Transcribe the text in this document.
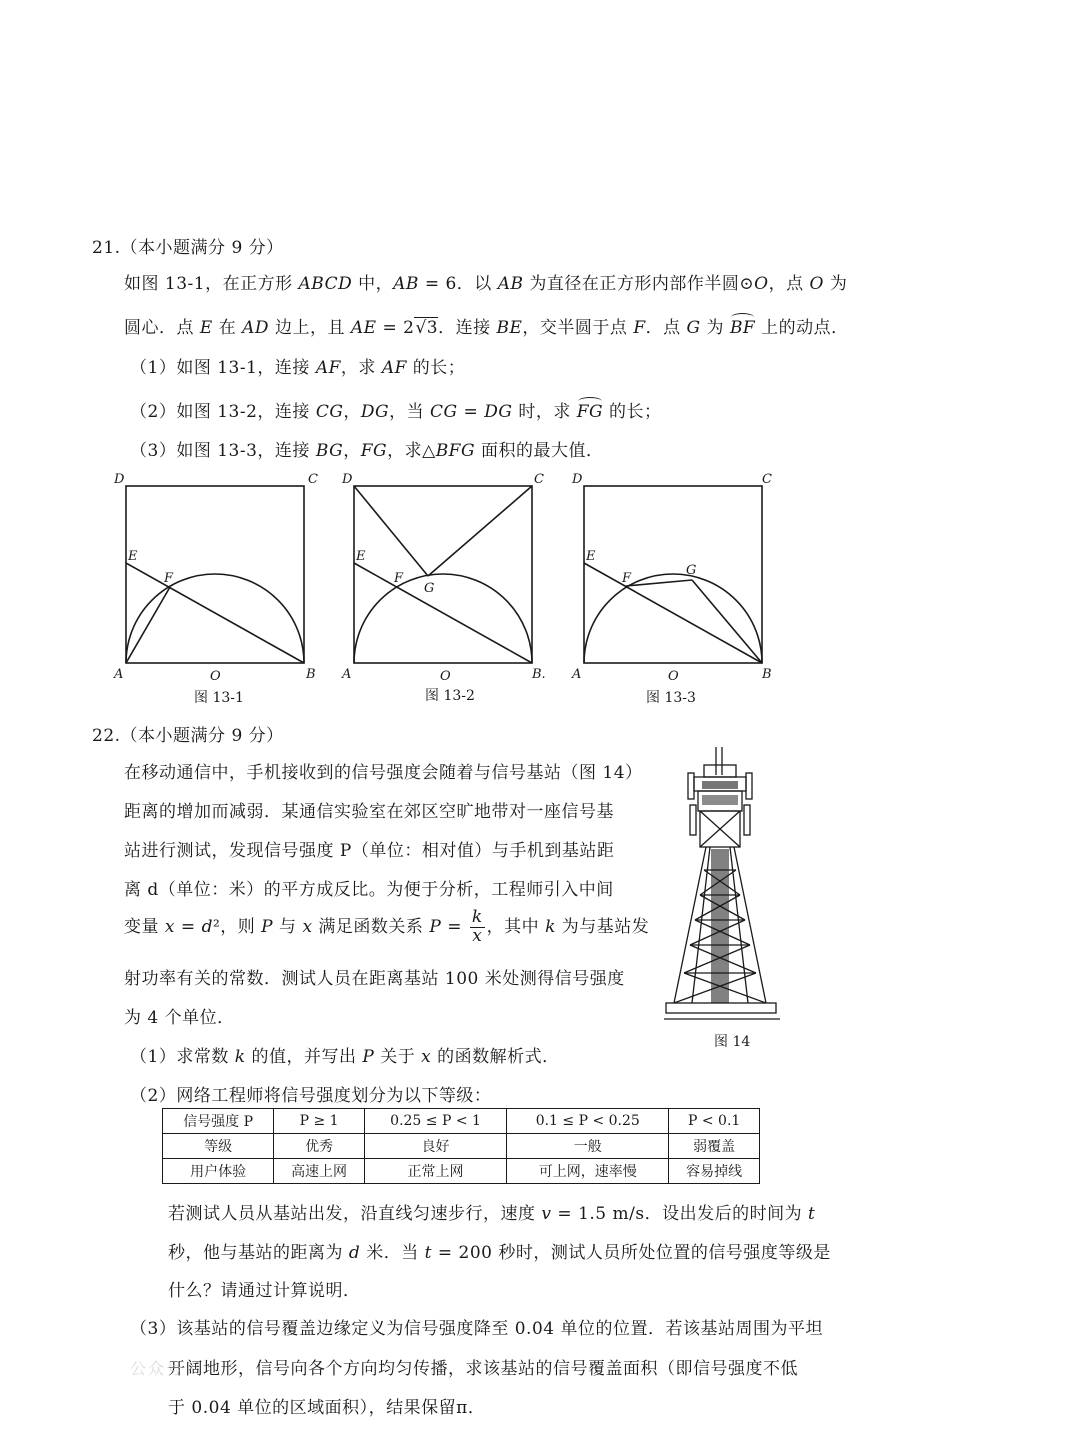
21.（本小题满分 9 分）
如图 13-1，在正方形 ABCD 中，AB = 6．以 AB 为直径在正方形内部作半圆⊙O，点 O 为
圆心．点 E 在 AD 边上，且 AE = 2√3．连接 BE，交半圆于点 F．点 G 为 BF 上的动点．
（1）如图 13-1，连接 AF，求 AF 的长；
（2）如图 13-2，连接 CG，DG，当 CG = DG 时，求 FG 的长；
（3）如图 13-3，连接 BG，FG，求△BFG 面积的最大值．
D	C
E
F
A	O	B
图 13-1
D	C
E
F
G
A	O	B.
图 13-2
D	C
E
F
G
A	O	B
图 13-3
22.（本小题满分 9 分）
在移动通信中，手机接收到的信号强度会随着与信号基站（图 14）
距离的增加而减弱．某通信实验室在郊区空旷地带对一座信号基
站进行测试，发现信号强度 P（单位：相对值）与手机到基站距
离 d（单位：米）的平方成反比。为便于分析，工程师引入中间
变量 x = d²，则 P 与 x 满足函数关系 $P = \frac{k}{x}$ ，其中 k 为与基站发
射功率有关的常数．测试人员在距离基站 100 米处测得信号强度
为 4 个单位．
图 14
（1）求常数 k 的值，并写出 P 关于 x 的函数解析式．
（2）网络工程师将信号强度划分为以下等级：
信号强度 P	P ≥ 1	0.25 ≤ P < 1	0.1 ≤ P < 0.25	P < 0.1
等级	优秀	良好	一般	弱覆盖
用户体验	高速上网	正常上网	可上网，速率慢	容易掉线
若测试人员从基站出发，沿直线匀速步行，速度 v = 1.5 m/s．设出发后的时间为 t
秒，他与基站的距离为 d 米．当 t = 200 秒时，测试人员所处位置的信号强度等级是
什么？请通过计算说明．
（3）该基站的信号覆盖边缘定义为信号强度降至 0.04 单位的位置．若该基站周围为平坦
开阔地形，信号向各个方向均匀传播，求该基站的信号覆盖面积（即信号强度不低
于 0.04 单位的区域面积），结果保留π．
公众号
